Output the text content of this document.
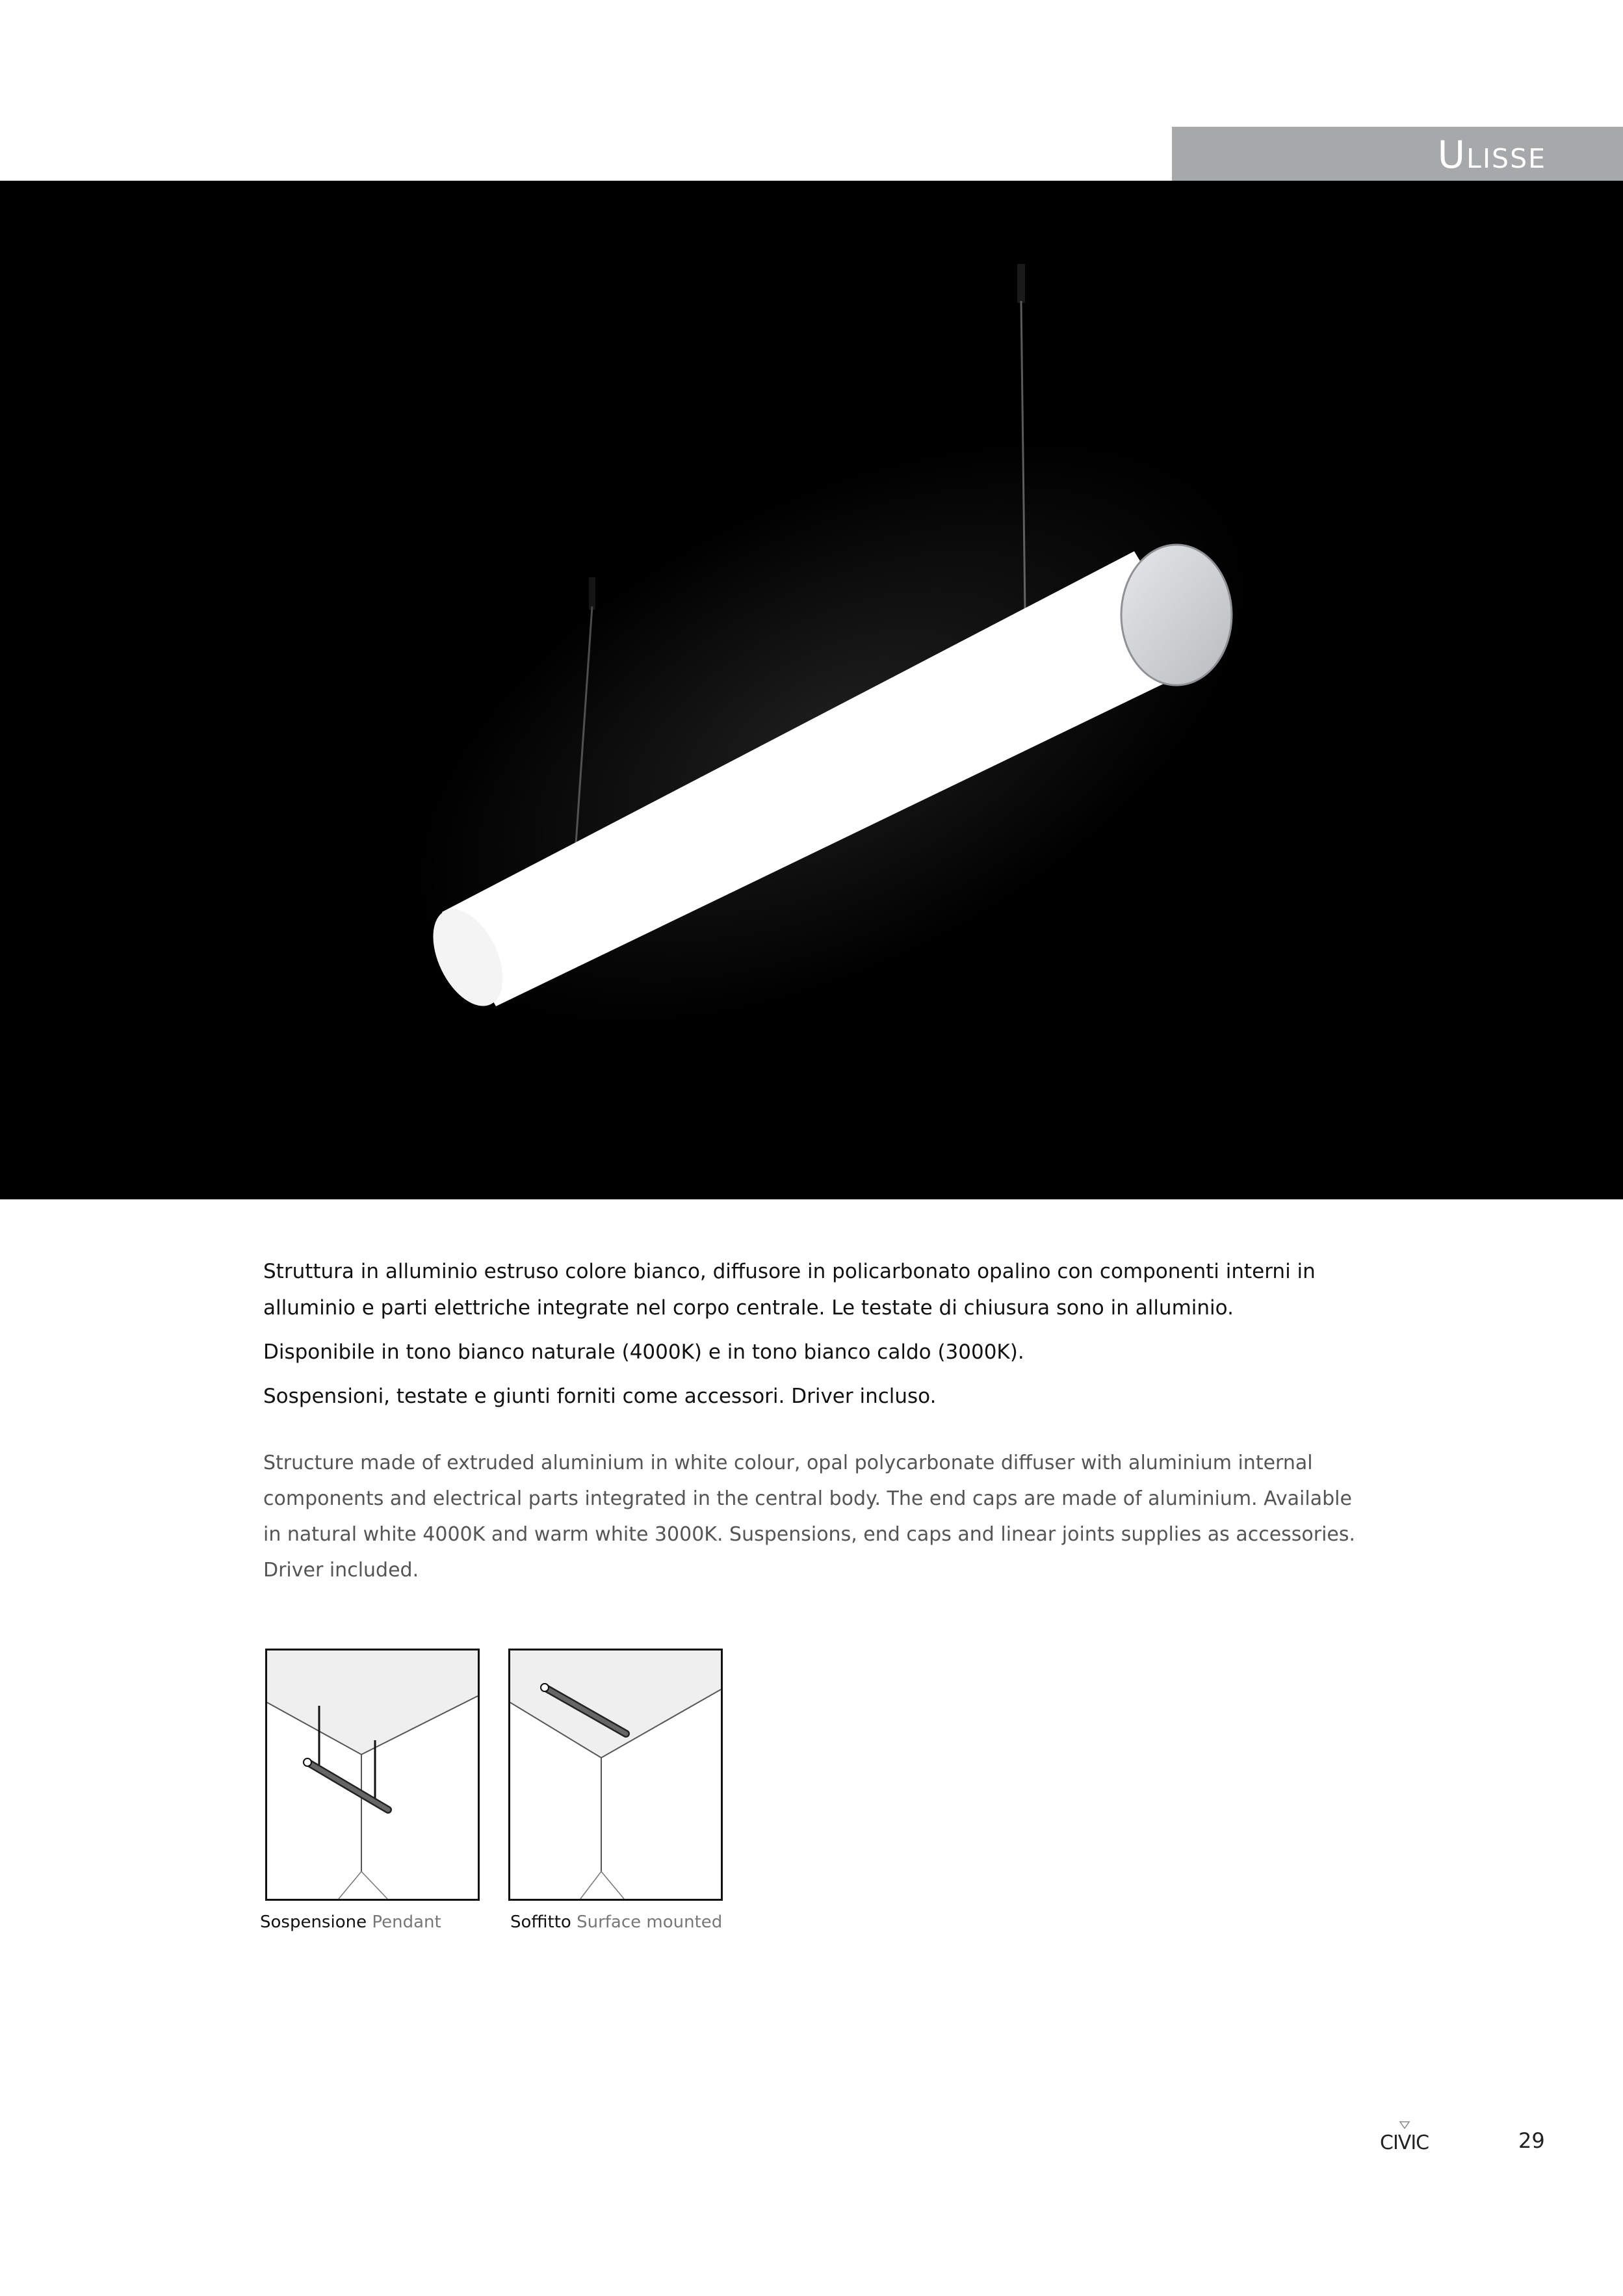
Ulisse

Struttura in alluminio estruso colore bianco, diffusore in policarbonato opalino con componenti interni in alluminio e parti elettriche integrate nel corpo centrale. Le testate di chiusura sono in alluminio.

Disponibile in tono bianco naturale (4000K) e in tono bianco caldo (3000K).

Sospensioni, testate e giunti forniti come accessori. Driver incluso.

Structure made of extruded aluminium in white colour, opal polycarbonate diffuser with aluminium internal components and electrical parts integrated in the central body. The end caps are made of aluminium. Available in natural white 4000K and warm white 3000K. Suspensions, end caps and linear joints supplies as accessories. Driver included.

Sospensione Pendant	Soffitto Surface mounted
CIVIC	29
